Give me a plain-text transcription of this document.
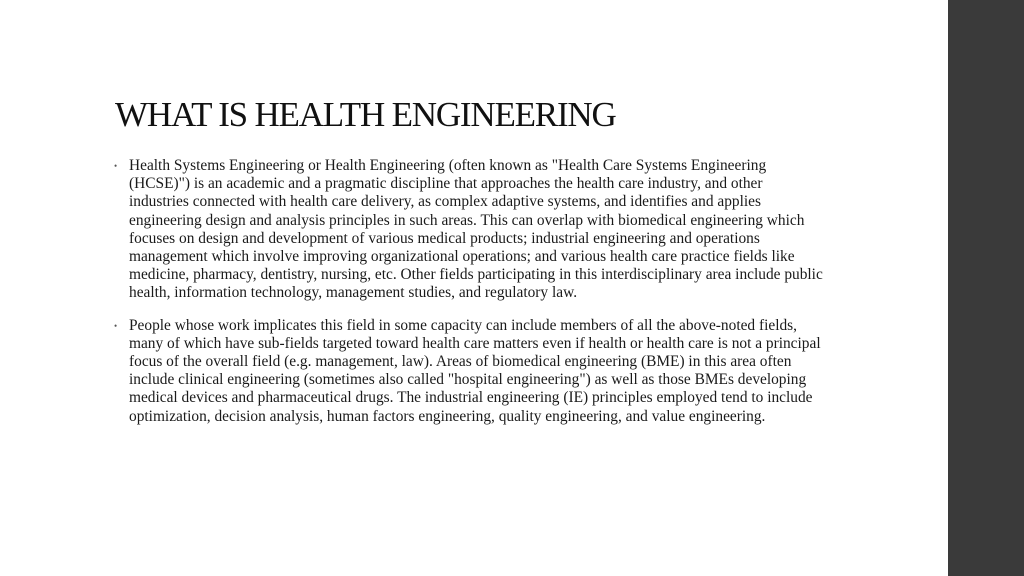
WHAT IS HEALTH ENGINEERING
• Health Systems Engineering or Health Engineering (often known as "Health Care Systems Engineering (HCSE)") is an academic and a pragmatic discipline that approaches the health care industry, and other industries connected with health care delivery, as complex adaptive systems, and identifies and applies engineering design and analysis principles in such areas. This can overlap with biomedical engineering which focuses on design and development of various medical products; industrial engineering and operations management which involve improving organizational operations; and various health care practice fields like medicine, pharmacy, dentistry, nursing, etc. Other fields participating in this interdisciplinary area include public health, information technology, management studies, and regulatory law.
• People whose work implicates this field in some capacity can include members of all the above-noted fields, many of which have sub-fields targeted toward health care matters even if health or health care is not a principal focus of the overall field (e.g. management, law). Areas of biomedical engineering (BME) in this area often include clinical engineering (sometimes also called "hospital engineering") as well as those BMEs developing medical devices and pharmaceutical drugs. The industrial engineering (IE) principles employed tend to include optimization, decision analysis, human factors engineering, quality engineering, and value engineering.
